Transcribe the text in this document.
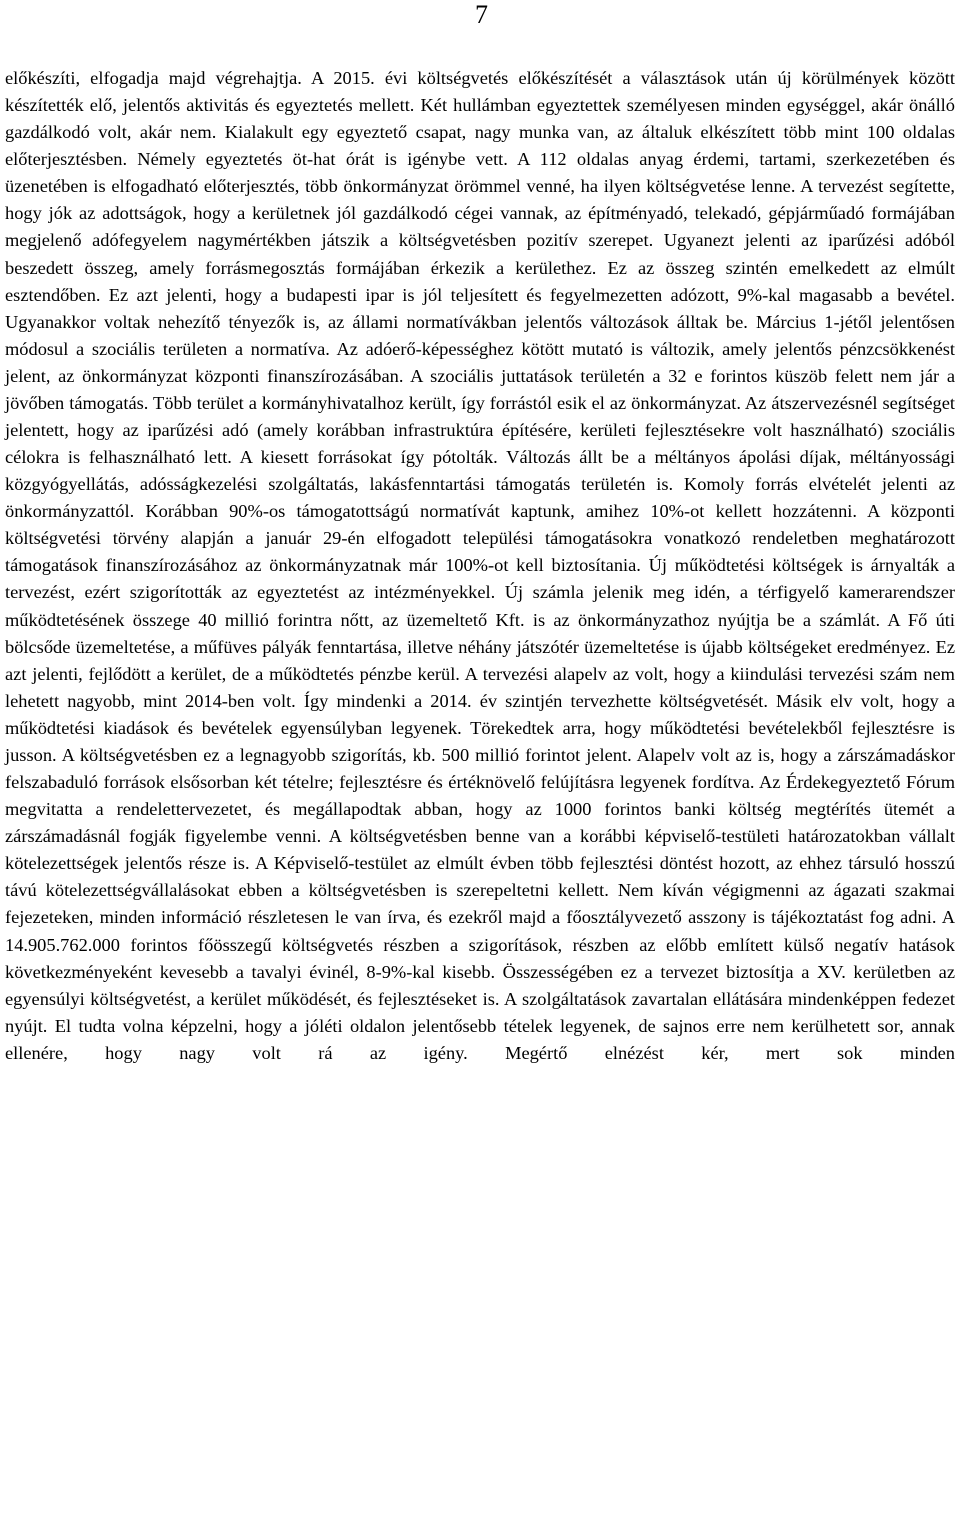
7

előkészíti, elfogadja majd végrehajtja. A 2015. évi költségvetés előkészítését a választások után új körülmények között készítették elő, jelentős aktivitás és egyeztetés mellett. Két hullámban egyeztettek személyesen minden egységgel, akár önálló gazdálkodó volt, akár nem. Kialakult egy egyeztető csapat, nagy munka van, az általuk elkészített több mint 100 oldalas előterjesztésben. Némely egyeztetés öt-hat órát is igénybe vett. A 112 oldalas anyag érdemi, tartami, szerkezetében és üzenetében is elfogadható előterjesztés, több önkormányzat örömmel venné, ha ilyen költségvetése lenne. A tervezést segítette, hogy jók az adottságok, hogy a kerületnek jól gazdálkodó cégei vannak, az építményadó, telekadó, gépjárműadó formájában megjelenő adófegyelem nagymértékben játszik a költségvetésben pozitív szerepet. Ugyanezt jelenti az iparűzési adóból beszedett összeg, amely forrásmegosztás formájában érkezik a kerülethez. Ez az összeg szintén emelkedett az elmúlt esztendőben. Ez azt jelenti, hogy a budapesti ipar is jól teljesített és fegyelmezetten adózott, 9%-kal magasabb a bevétel. Ugyanakkor voltak nehezítő tényezők is, az állami normatívákban jelentős változások álltak be. Március 1-jétől jelentősen módosul a szociális területen a normatíva. Az adóerő-képességhez kötött mutató is változik, amely jelentős pénzcsökkenést jelent, az önkormányzat központi finanszírozásában. A szociális juttatások területén a 32 e forintos küszöb felett nem jár a jövőben támogatás. Több terület a kormányhivatalhoz került, így forrástól esik el az önkormányzat. Az átszervezésnél segítséget jelentett, hogy az iparűzési adó (amely korábban infrastruktúra építésére, kerületi fejlesztésekre volt használható) szociális célokra is felhasználható lett. A kiesett forrásokat így pótolták. Változás állt be a méltányos ápolási díjak, méltányossági közgyógyellátás, adósságkezelési szolgáltatás, lakásfenntartási támogatás területén is. Komoly forrás elvételét jelenti az önkormányzattól. Korábban 90%-os támogatottságú normatívát kaptunk, amihez 10%-ot kellett hozzátenni. A központi költségvetési törvény alapján a január 29-én elfogadott települési támogatásokra vonatkozó rendeletben meghatározott támogatások finanszírozásához az önkormányzatnak már 100%-ot kell biztosítania. Új működtetési költségek is árnyalták a tervezést, ezért szigorították az egyeztetést az intézményekkel. Új számla jelenik meg idén, a térfigyelő kamerarendszer működtetésének összege 40 millió forintra nőtt, az üzemeltető Kft. is az önkormányzathoz nyújtja be a számlát. A Fő úti bölcsőde üzemeltetése, a műfüves pályák fenntartása, illetve néhány játszótér üzemeltetése is újabb költségeket eredményez. Ez azt jelenti, fejlődött a kerület, de a működtetés pénzbe kerül. A tervezési alapelv az volt, hogy a kiindulási tervezési szám nem lehetett nagyobb, mint 2014-ben volt. Így mindenki a 2014. év szintjén tervezhette költségvetését. Másik elv volt, hogy a működtetési kiadások és bevételek egyensúlyban legyenek. Törekedtek arra, hogy működtetési bevételekből fejlesztésre is jusson. A költségvetésben ez a legnagyobb szigorítás, kb. 500 millió forintot jelent. Alapelv volt az is, hogy a zárszámadáskor felszabaduló források elsősorban két tételre; fejlesztésre és értéknövelő felújításra legyenek fordítva. Az Érdekegyeztető Fórum megvitatta a rendelettervezetet, és megállapodtak abban, hogy az 1000 forintos banki költség megtérítés ütemét a zárszámadásnál fogják figyelembe venni. A költségvetésben benne van a korábbi képviselő-testületi határozatokban vállalt kötelezettségek jelentős része is. A Képviselő-testület az elmúlt évben több fejlesztési döntést hozott, az ehhez társuló hosszú távú kötelezettségvállalásokat ebben a költségvetésben is szerepeltetni kellett. Nem kíván végigmenni az ágazati szakmai fejezeteken, minden információ részletesen le van írva, és ezekről majd a főosztályvezető asszony is tájékoztatást fog adni. A 14.905.762.000 forintos főösszegű költségvetés részben a szigorítások, részben az előbb említett külső negatív hatások következményeként kevesebb a tavalyi évinél, 8-9%-kal kisebb. Összességében ez a tervezet biztosítja a XV. kerületben az egyensúlyi költségvetést, a kerület működését, és fejlesztéseket is. A szolgáltatások zavartalan ellátására mindenképpen fedezet nyújt. El tudta volna képzelni, hogy a jóléti oldalon jelentősebb tételek legyenek, de sajnos erre nem kerülhetett sor, annak ellenére, hogy nagy volt rá az igény. Megértő elnézést kér, mert sok minden
